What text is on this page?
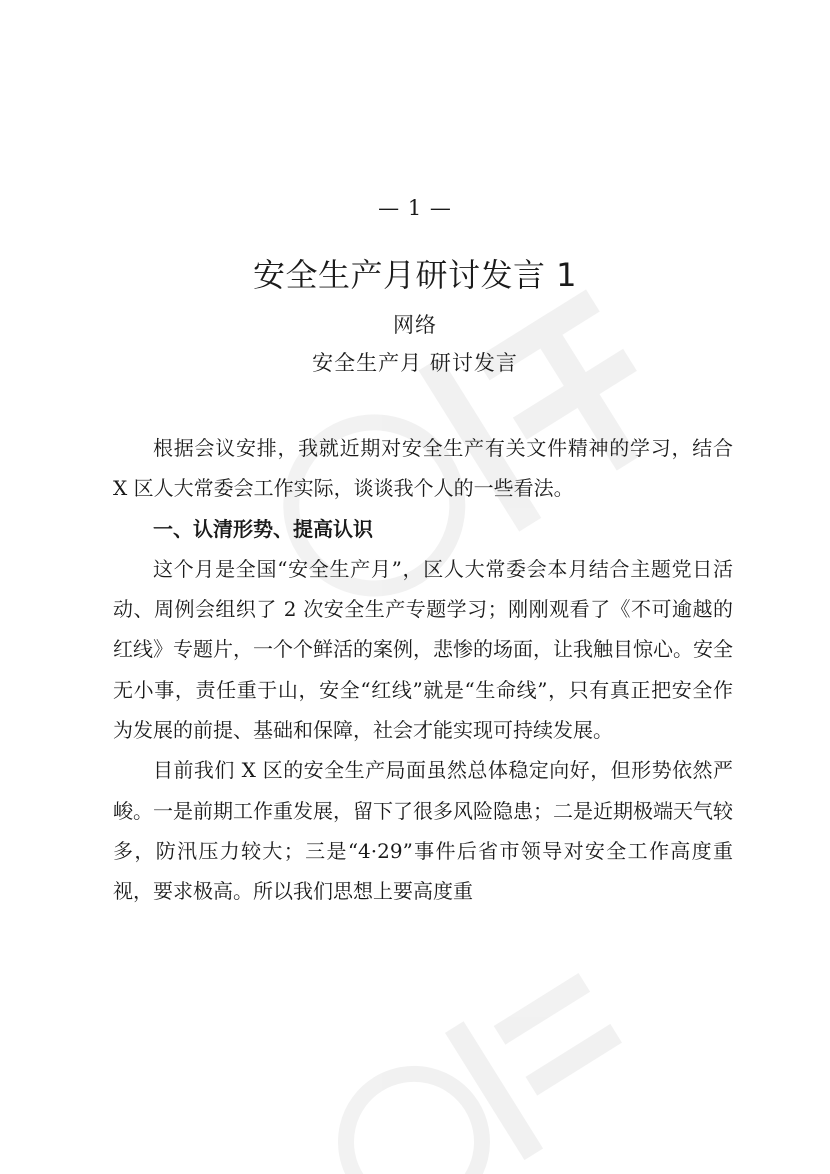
— 1 —
安全生产月研讨发言 1
网络
安全生产月 研讨发言

根据会议安排，我就近期对安全生产有关文件精神的学习，结合 X 区人大常委会工作实际，谈谈我个人的一些看法。

一、认清形势、提高认识

这个月是全国“安全生产月”，区人大常委会本月结合主题党日活动、周例会组织了 2 次安全生产专题学习；刚刚观看了《不可逾越的红线》专题片，一个个鲜活的案例，悲惨的场面，让我触目惊心。安全无小事，责任重于山，安全“红线”就是“生命线”，只有真正把安全作为发展的前提、基础和保障，社会才能实现可持续发展。

目前我们 X 区的安全生产局面虽然总体稳定向好，但形势依然严峻。一是前期工作重发展，留下了很多风险隐患；二是近期极端天气较多，防汛压力较大；三是“4·29”事件后省市领导对安全工作高度重视，要求极高。所以我们思想上要高度重
